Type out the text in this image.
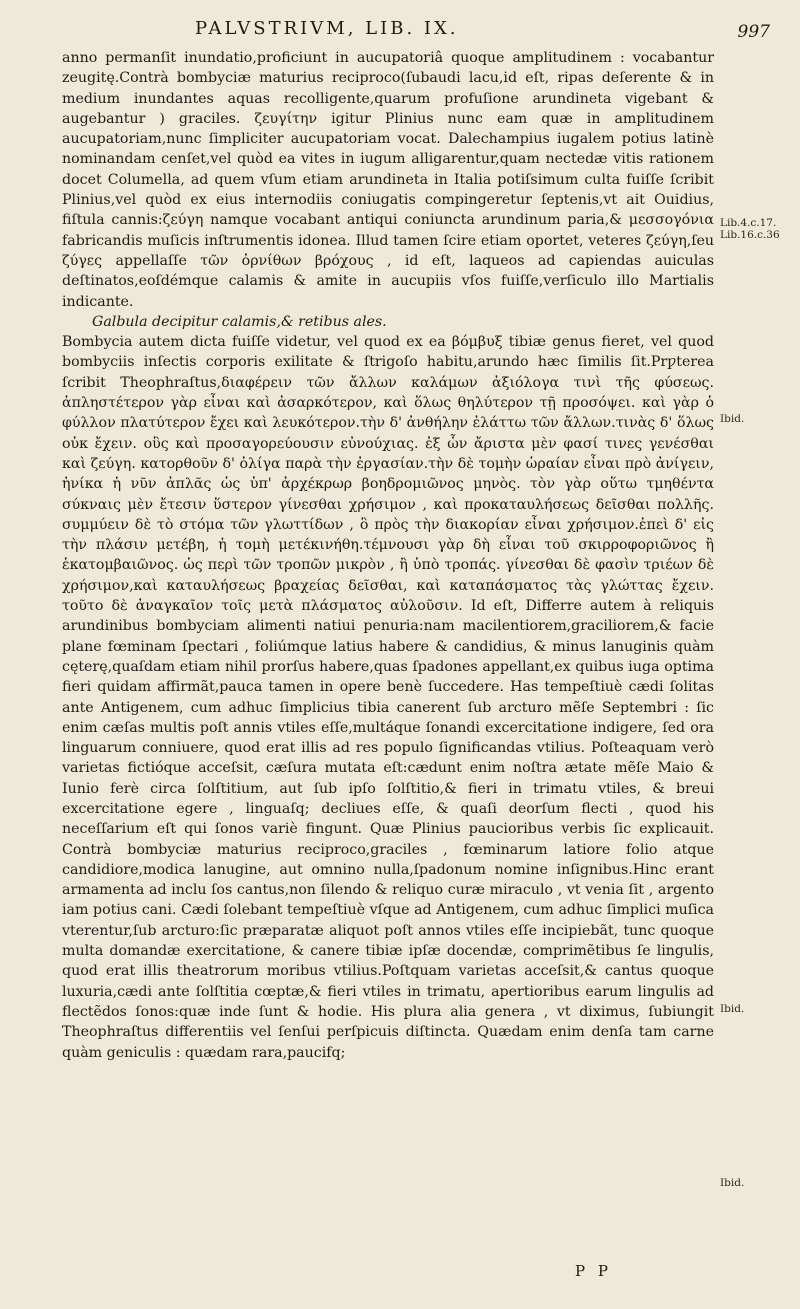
PALVSTRIVM, LIB. IX.	997

anno permanſit inundatio,proficiunt in aucupatoriâ quoque amplitudinem : vocabantur zeugitę.Contrà bombyciæ maturius reciproco(ſubaudi lacu,id eſt, ripas deſerente & in medium inundantes aquas recolligente,quarum profuſione arundineta vigebant & augebantur ) graciles. ζευγίτην igitur Plinius nunc eam quæ in amplitudinem aucupatoriam,nunc ſimpliciter aucupatoriam vocat. Dalechampius iugalem potius latinè nominandam cenſet,vel quòd ea vites in iugum alligarentur,quam nectedæ vitis rationem docet Columella, ad quem vſum etiam arundineta in Italia potiſsimum culta fuiſſe ſcribit Plinius,vel quòd ex eius internodiis coniugatis compingeretur ſeptenis,vt ait Ouidius, fiſtula cannis:ζεύγη namque vocabant antiqui coniuncta arundinum paria,& μεσσογόνια fabricandis muſicis inſtrumentis idonea. Illud tamen ſcire etiam oportet, veteres ζεύγη,ſeu ζύγες appellaſſe τῶν ὀρνίθων βρόχους , id eſt, laqueos ad capiendas auiculas deſtinatos,eoſdémque calamis & amite in aucupiis vſos fuiſſe,verſiculo illo Martialis indicante.

Galbula decipitur calamis,& retibus ales.

Bombycia autem dicta fuiſſe videtur, vel quod ex ea βόμβυξ tibiæ genus fieret, vel quod bombyciis inſectis corporis exilitate & ſtrigoſo habitu,arundo hæc ſimilis ſit.Prƿterea ſcribit Theophraſtus,διαφέρειν τῶν ἄλλων καλάμων ἀξιόλογα τινὶ τῆς φύσεως. ἀπληστέτερον γὰρ εἶναι καὶ ἀσαρκότερον, καὶ ὅλως θηλύτερον τῇ προσόψει. καὶ γὰρ ὁ φύλλον πλατύτερον ἔχει καὶ λευκότερον.τὴν δ' ἀνθήλην ἐλάττω τῶν ἄλλων.τινὰς δ' ὅλως οὐκ ἔχειν. οὓς καὶ προσαγορεύουσιν εὐνούχιας. ἐξ ὧν ἄριστα μὲν φασί τινες γενέσθαι καὶ ζεύγη. κατορθοῦν δ' ὀλίγα παρὰ τὴν ἐργασίαν.τὴν δὲ τομὴν ὡραίαν εἶναι πρὸ ἀνίγειν, ἡνίκα ἡ νῦν ἀπλᾶς ὡς ὑπ' ἀρχέκρωρ βοηδρομιῶνος μηνὸς. τὸν γὰρ οὕτω τμηθέντα σύκναις μὲν ἔτεσιν ὕστερον γίνεσθαι χρήσιμον , καὶ προκαταυλήσεως δεῖσθαι πολλῆς. συμμύειν δὲ τὸ στόμα τῶν γλωττίδων , ὃ πρὸς τὴν διακορίαν εἶναι χρήσιμον.ἐπεὶ δ' εἰς τὴν πλάσιν μετέβη, ἡ τομὴ μετέκινήθη.τέμνουσι γὰρ δὴ εἶναι τοῦ σκιρροφοριῶνος ἢ ἑκατομβαιῶνος. ὡς περὶ τῶν τροπῶν μικρὸν , ἢ ὑπὸ τροπάς. γίνεσθαι δὲ φασὶν τριέων δὲ χρήσιμον,καὶ καταυλήσεως βραχείας δεῖσθαι, καὶ καταπάσματος τὰς γλώττας ἔχειν. τοῦτο δὲ ἀναγκαῖον τοῖς μετὰ πλάσματος αὐλοῦσιν. Id eſt, Differre autem à reliquis arundinibus bombyciam alimenti natiui penuria:nam macilentiorem,graciliorem,& facie plane fœminam ſpectari , foliúmque latius habere & candidius, & minus lanuginis quàm cęterę,quaſdam etiam nihil prorſus habere,quas ſpadones appellant,ex quibus iuga optima fieri quidam affirmãt,pauca tamen in opere benè ſuccedere. Has tempeſtiuè cædi ſolitas ante Antigenem, cum adhuc ſimplicius tibia canerent ſub arcturo mẽſe Septembri : ſic enim cæſas multis poſt annis vtiles eſſe,multáque ſonandi excercitatione indigere, ſed ora linguarum conniuere, quod erat illis ad res populo ſignificandas vtilius. Poſteaquam verò varietas fictióque acceſsit, cæſura mutata eſt:cædunt enim noſtra ætate mẽſe Maio & Iunio ferè circa ſolſtitium, aut ſub ipſo ſolſtitio,& fieri in trimatu vtiles, & breui excercitatione egere , linguaſq; decliues eſſe, & quaſi deorſum flecti , quod his neceſſarium eſt qui ſonos variè fingunt. Quæ Plinius paucioribus verbis ſic explicauit. Contrà bombyciæ maturius reciproco,graciles , fœminarum latiore folio atque candidiore,modica lanugine, aut omnino nulla,ſpadonum nomine inſignibus.Hinc erant armamenta ad inclu ſos cantus,non ſilendo & reliquo curæ miraculo , vt venia ſit , argento iam potius cani. Cædi ſolebant tempeſtiuè vſque ad Antigenem, cum adhuc ſimplici muſica vterentur,ſub arcturo:ſic præparatæ aliquot poſt annos vtiles eſſe incipiebãt, tunc quoque multa domandæ exercitatione, & canere tibiæ ipſæ docendæ, comprimẽtibus ſe lingulis, quod erat illis theatrorum moribus vtilius.Poſtquam varietas acceſsit,& cantus quoque luxuria,cædi ante ſolſtitia cœptæ,& fieri vtiles in trimatu, apertioribus earum lingulis ad flectẽdos ſonos:quæ inde ſunt & hodie. His plura alia genera , vt diximus, ſubiungit Theophraſtus differentiis vel ſenſui perſpicuis diſtincta. Quædam enim denſa tam carne quàm geniculis : quædam rara,paucifq;

Lib.4.c.17.
Lib.16.c.36
Ibid.
Ibid.
Ibid.
P P
